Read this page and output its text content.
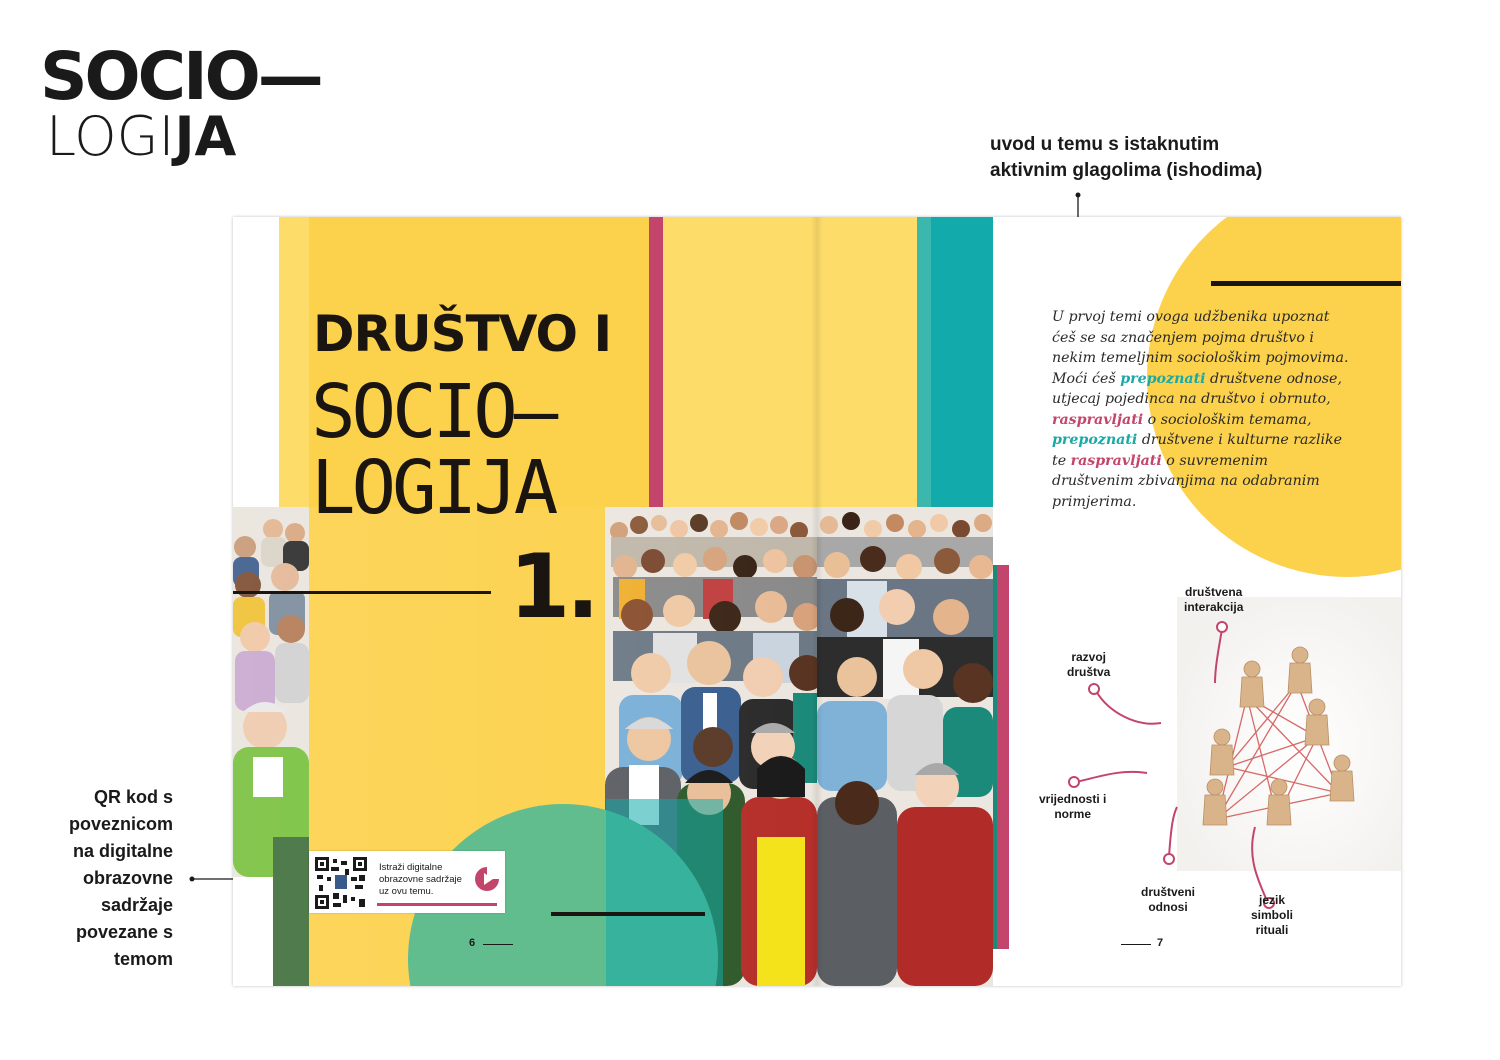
SOCIO—
LOGIJA	uvod u temu s istaknutim
aktivnim glagolima (ishodima)
QR kod s
poveznicom
na digitalne
obrazovne
sadržaje
povezane s
temom
DRUŠTVO I
SOCIO—
LOGIJA
1.
Istraži digitalne obrazovne sadržaje uz ovu temu.
6
U prvoj temi ovoga udžbenika upoznat ćeš se sa značenjem pojma društvo i nekim temeljnim sociološkim pojmovima. Moći ćeš prepoznati društvene odnose, utjecaj pojedinca na društvo i obrnuto, raspravljati o sociološkim temama, prepoznati društvene i kulturne razlike te raspravljati o suvremenim društvenim zbivanjima na odabranim primjerima.
društvena
interakcija
razvoj
društva
vrijednosti i
norme
društveni
odnosi	jezik
simboli
rituali
7
